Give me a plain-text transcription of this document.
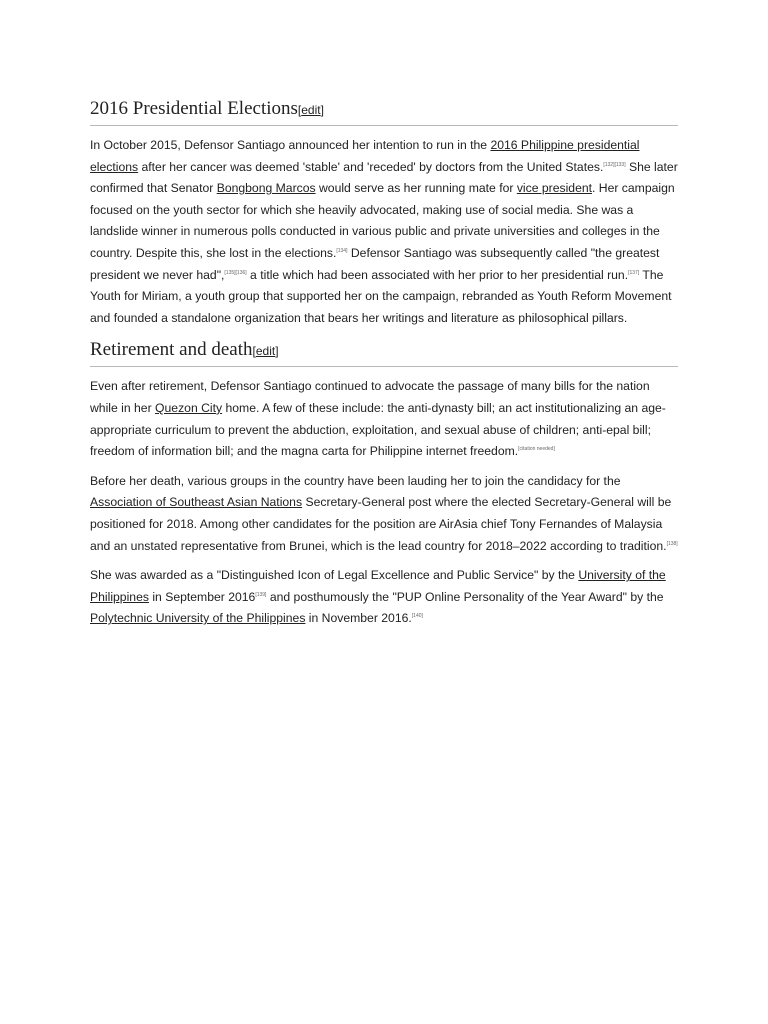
2016 Presidential Elections[edit]

In October 2015, Defensor Santiago announced her intention to run in the 2016 Philippine presidential elections after her cancer was deemed 'stable' and 'receded' by doctors from the United States.[132][133] She later confirmed that Senator Bongbong Marcos would serve as her running mate for vice president. Her campaign focused on the youth sector for which she heavily advocated, making use of social media. She was a landslide winner in numerous polls conducted in various public and private universities and colleges in the country. Despite this, she lost in the elections.[134] Defensor Santiago was subsequently called "the greatest president we never had",[135][136] a title which had been associated with her prior to her presidential run.[137] The Youth for Miriam, a youth group that supported her on the campaign, rebranded as Youth Reform Movement and founded a standalone organization that bears her writings and literature as philosophical pillars.

Retirement and death[edit]

Even after retirement, Defensor Santiago continued to advocate the passage of many bills for the nation while in her Quezon City home. A few of these include: the anti-dynasty bill; an act institutionalizing an age-appropriate curriculum to prevent the abduction, exploitation, and sexual abuse of children; anti-epal bill; freedom of information bill; and the magna carta for Philippine internet freedom.[citation needed]

Before her death, various groups in the country have been lauding her to join the candidacy for the Association of Southeast Asian Nations Secretary-General post where the elected Secretary-General will be positioned for 2018. Among other candidates for the position are AirAsia chief Tony Fernandes of Malaysia and an unstated representative from Brunei, which is the lead country for 2018–2022 according to tradition.[138]

She was awarded as a "Distinguished Icon of Legal Excellence and Public Service" by the University of the Philippines in September 2016[139] and posthumously the "PUP Online Personality of the Year Award" by the Polytechnic University of the Philippines in November 2016.[140]
